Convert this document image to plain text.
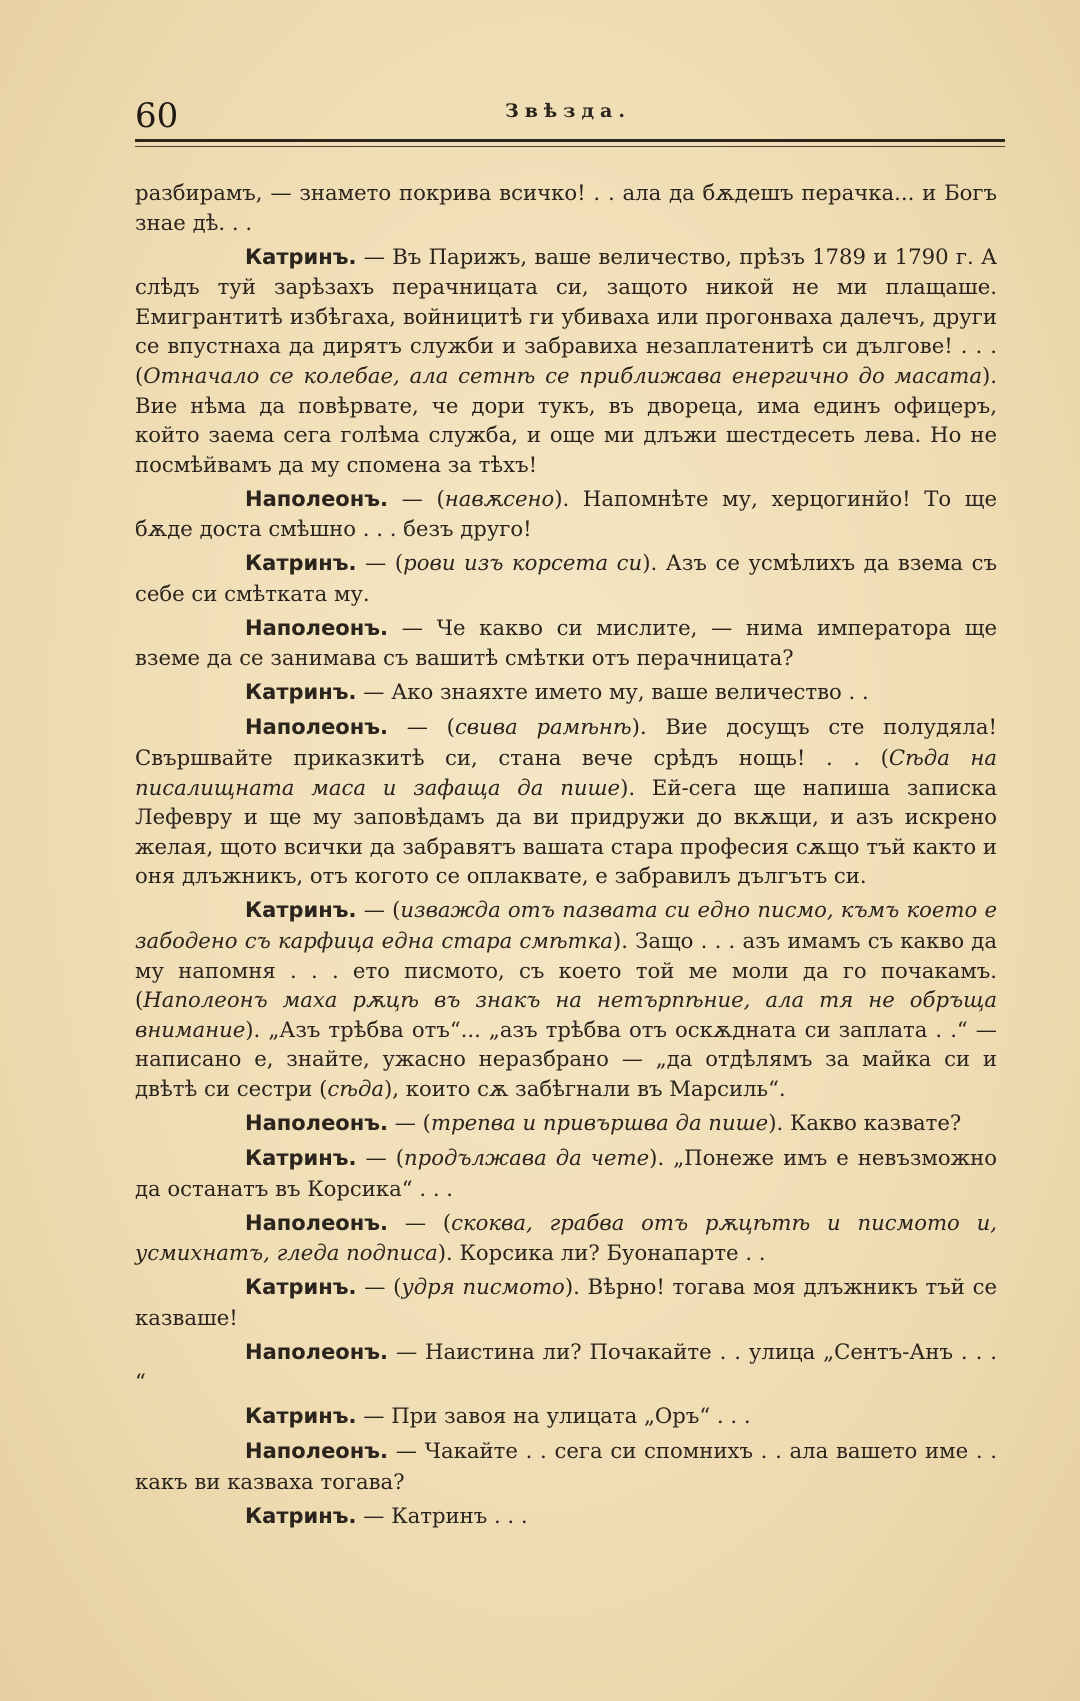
60	Звѣзда.

разбирамъ, — знамето покрива всичко! . . ала да бѫдешъ перачка... и Богъ знае дѣ. . .

Катринъ. — Въ Парижъ, ваше величество, прѣзъ 1789 и 1790 г. А слѣдъ туй зарѣзахъ перачницата си, защото никой не ми плащаше. Емигрантитѣ избѣгаха, войницитѣ ги убиваха или прогонваха далечъ, други се впустнаха да дирятъ служби и забравиха незаплатенитѣ си дългове! . . . (Отначало се колебае, ала сетнѣ се приближава енергично до масата). Вие нѣма да повѣрвате, че дори тукъ, въ двореца, има единъ офицеръ, който заема сега голѣма служба, и още ми длъжи шестдесеть лева. Но не посмѣйвамъ да му спомена за тѣхъ!

Наполеонъ. — (навѫсено). Напомнѣте му, херцогинйо! То ще бѫде доста смѣшно . . . безъ друго!

Катринъ. — (рови изъ корсета си). Азъ се усмѣлихъ да взема съ себе си смѣтката му.

Наполеонъ. — Че какво си мислите, — нима императора ще вземе да се занимава съ вашитѣ смѣтки отъ перачницата?

Катринъ. — Ако знаяхте името му, ваше величество . .

Наполеонъ. — (свива рамѣнѣ). Вие досущъ сте полудяла! Свършвайте приказкитѣ си, стана вече срѣдъ нощь! . . (Сѣда на писалищната маса и зафаща да пише). Ей-сега ще напиша записка Лефевру и ще му заповѣдамъ да ви придружи до вкѫщи, и азъ искрено желая, щото всички да забравятъ вашата стара професия сѫщо тъй както и оня длъжникъ, отъ когото се оплаквате, е забравилъ дългътъ си.

Катринъ. — (изважда отъ пазвата си едно писмо, къмъ което е забодено съ карфица една стара смѣтка). Защо . . . азъ имамъ съ какво да му напомня . . . ето писмото, съ което той ме моли да го почакамъ. (Наполеонъ маха рѫцѣ въ знакъ на нетърпѣние, ала тя не обръща внимание). „Азъ трѣбва отъ“... „азъ трѣбва отъ оскѫдната си заплата . .“ — написано е, знайте, ужасно неразбрано — „да отдѣлямъ за майка си и двѣтѣ си сестри (сѣда), които сѫ забѣгнали въ Марсиль“.

Наполеонъ. — (трепва и привършва да пише). Какво казвате?

Катринъ. — (продължава да чете). „Понеже имъ е невъзможно да останатъ въ Корсика“ . . .

Наполеонъ. — (скоква, грабва отъ рѫцѣтѣ и писмото и, усмихнатъ, гледа подписа). Корсика ли? Буонапарте . .

Катринъ. — (удря писмото). Вѣрно! тогава моя длъжникъ тъй се казваше!

Наполеонъ. — Наистина ли? Почакайте . . улица „Сентъ-Анъ . . . “

Катринъ. — При завоя на улицата „Оръ“ . . .

Наполеонъ. — Чакайте . . сега си спомнихъ . . ала вашето име . . какъ ви казваха тогава?

Катринъ. — Катринъ . . .
